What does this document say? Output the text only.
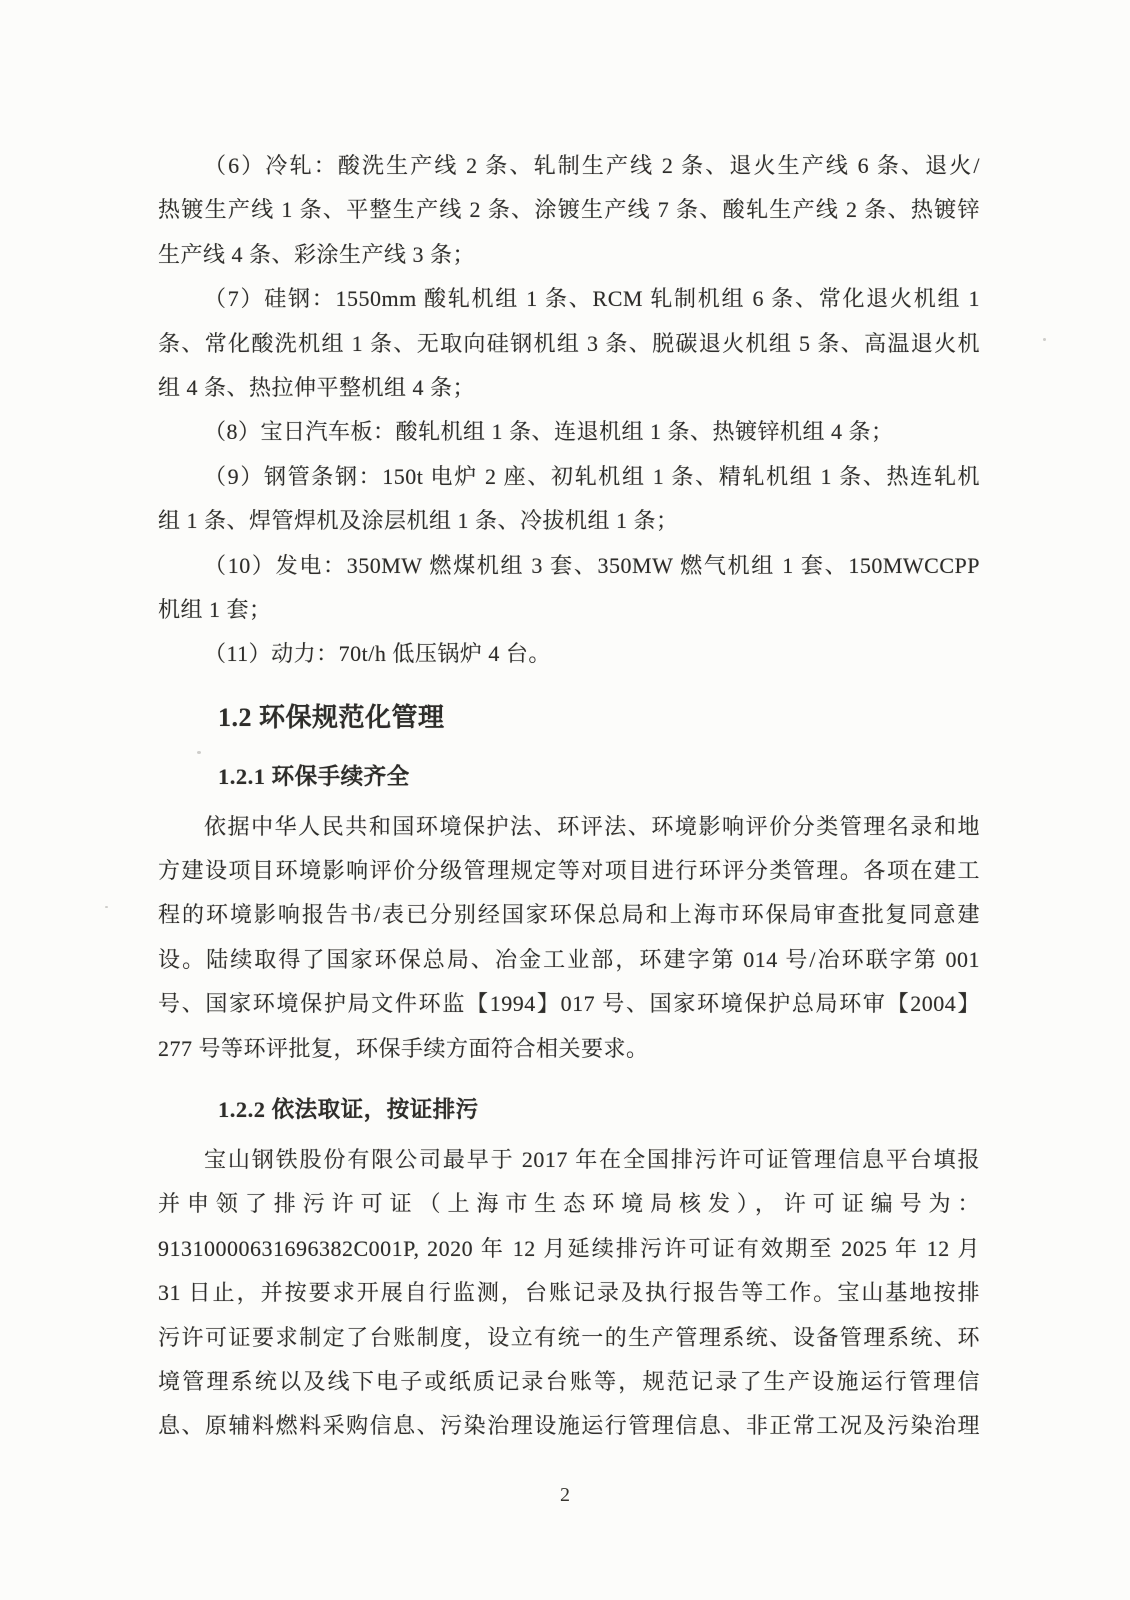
（6）冷轧：酸洗生产线 2 条、轧制生产线 2 条、退火生产线 6 条、退火/
热镀生产线 1 条、平整生产线 2 条、涂镀生产线 7 条、酸轧生产线 2 条、热镀锌
生产线 4 条、彩涂生产线 3 条；

（7）硅钢：1550mm 酸轧机组 1 条、RCM 轧制机组 6 条、常化退火机组 1
条、常化酸洗机组 1 条、无取向硅钢机组 3 条、脱碳退火机组 5 条、高温退火机
组 4 条、热拉伸平整机组 4 条；

（8）宝日汽车板：酸轧机组 1 条、连退机组 1 条、热镀锌机组 4 条；

（9）钢管条钢：150t 电炉 2 座、初轧机组 1 条、精轧机组 1 条、热连轧机
组 1 条、焊管焊机及涂层机组 1 条、冷拔机组 1 条；

（10）发电：350MW 燃煤机组 3 套、350MW 燃气机组 1 套、150MWCCPP
机组 1 套；

（11）动力：70t/h 低压锅炉 4 台。

1.2 环保规范化管理
1.2.1 环保手续齐全

依据中华人民共和国环境保护法、环评法、环境影响评价分类管理名录和地
方建设项目环境影响评价分级管理规定等对项目进行环评分类管理。各项在建工
程的环境影响报告书/表已分别经国家环保总局和上海市环保局审查批复同意建
设。陆续取得了国家环保总局、冶金工业部，环建字第 014 号/冶环联字第 001
号、国家环境保护局文件环监【1994】017 号、国家环境保护总局环审【2004】
277 号等环评批复，环保手续方面符合相关要求。

1.2.2 依法取证，按证排污

宝山钢铁股份有限公司最早于 2017 年在全国排污许可证管理信息平台填报
并申领了排污许可证（上海市生态环境局核发），许可证编号为：
91310000631696382C001P, 2020 年 12 月延续排污许可证有效期至 2025 年 12 月
31 日止，并按要求开展自行监测，台账记录及执行报告等工作。宝山基地按排
污许可证要求制定了台账制度，设立有统一的生产管理系统、设备管理系统、环
境管理系统以及线下电子或纸质记录台账等，规范记录了生产设施运行管理信
息、原辅料燃料采购信息、污染治理设施运行管理信息、非正常工况及污染治理

2
